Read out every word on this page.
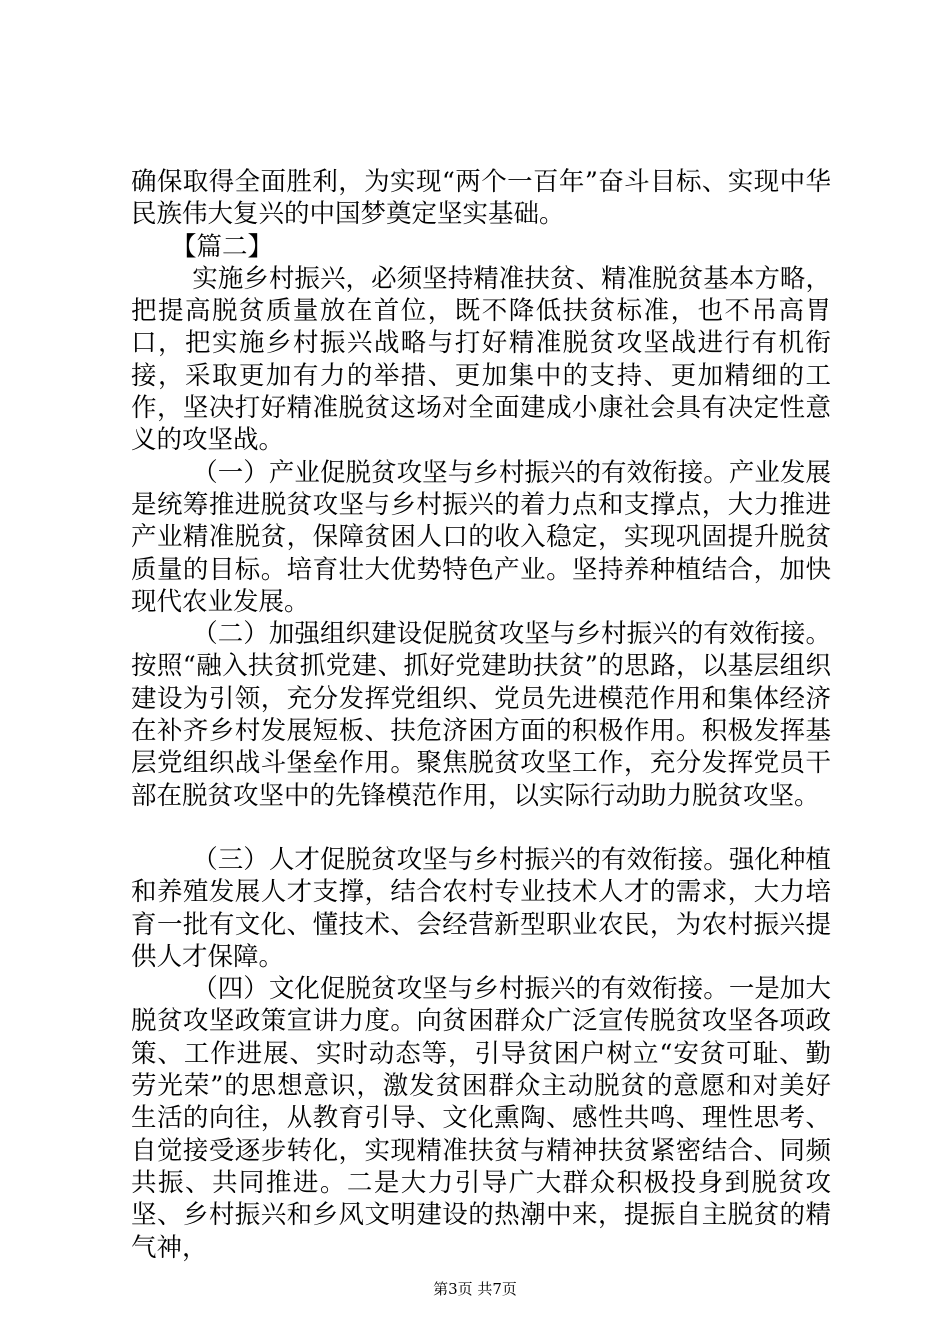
确保取得全面胜利，为实现“两个一百年”奋斗目标、实现中华民族伟大复兴的中国梦奠定坚实基础。

【篇二】

实施乡村振兴，必须坚持精准扶贫、精准脱贫基本方略，把提高脱贫质量放在首位，既不降低扶贫标准，也不吊高胃口，把实施乡村振兴战略与打好精准脱贫攻坚战进行有机衔接，采取更加有力的举措、更加集中的支持、更加精细的工作，坚决打好精准脱贫这场对全面建成小康社会具有决定性意义的攻坚战。

（一）产业促脱贫攻坚与乡村振兴的有效衔接。产业发展是统筹推进脱贫攻坚与乡村振兴的着力点和支撑点，大力推进产业精准脱贫，保障贫困人口的收入稳定，实现巩固提升脱贫质量的目标。培育壮大优势特色产业。坚持养种植结合，加快现代农业发展。

（二）加强组织建设促脱贫攻坚与乡村振兴的有效衔接。按照“融入扶贫抓党建、抓好党建助扶贫”的思路，以基层组织建设为引领，充分发挥党组织、党员先进模范作用和集体经济在补齐乡村发展短板、扶危济困方面的积极作用。积极发挥基层党组织战斗堡垒作用。聚焦脱贫攻坚工作，充分发挥党员干部在脱贫攻坚中的先锋模范作用，以实际行动助力脱贫攻坚。

（三）人才促脱贫攻坚与乡村振兴的有效衔接。强化种植和养殖发展人才支撑，结合农村专业技术人才的需求，大力培育一批有文化、懂技术、会经营新型职业农民，为农村振兴提供人才保障。

（四）文化促脱贫攻坚与乡村振兴的有效衔接。一是加大脱贫攻坚政策宣讲力度。向贫困群众广泛宣传脱贫攻坚各项政策、工作进展、实时动态等，引导贫困户树立“安贫可耻、勤劳光荣”的思想意识，激发贫困群众主动脱贫的意愿和对美好生活的向往，从教育引导、文化熏陶、感性共鸣、理性思考、自觉接受逐步转化，实现精准扶贫与精神扶贫紧密结合、同频共振、共同推进。二是大力引导广大群众积极投身到脱贫攻坚、乡村振兴和乡风文明建设的热潮中来，提振自主脱贫的精气神，

第3页 共7页
